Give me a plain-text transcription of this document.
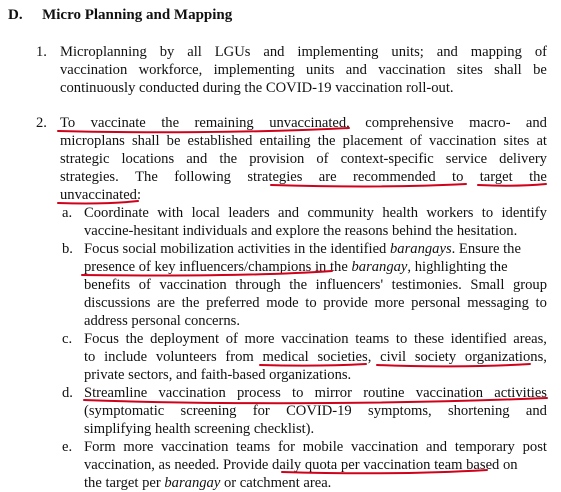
D. Micro Planning and Mapping
1. Microplanning by all LGUs and implementing units; and mapping of
vaccination workforce, implementing units and vaccination sites shall be
continuously conducted during the COVID-19 vaccination roll-out.
2. To vaccinate the remaining unvaccinated, comprehensive macro- and
microplans shall be established entailing the placement of vaccination sites at
strategic locations and the provision of context-specific service delivery
strategies. The following strategies are recommended to target the
unvaccinated:
a. Coordinate with local leaders and community health workers to identify
vaccine-hesitant individuals and explore the reasons behind the hesitation.
b. Focus social mobilization activities in the identified barangays. Ensure the
presence of key influencers/champions in the barangay, highlighting the
benefits of vaccination through the influencers' testimonies. Small group
discussions are the preferred mode to provide more personal messaging to
address personal concerns.
c. Focus the deployment of more vaccination teams to these identified areas,
to include volunteers from medical societies, civil society organizations,
private sectors, and faith-based organizations.
d. Streamline vaccination process to mirror routine vaccination activities
(symptomatic screening for COVID-19 symptoms, shortening and
simplifying health screening checklist).
e. Form more vaccination teams for mobile vaccination and temporary post
vaccination, as needed. Provide daily quota per vaccination team based on
the target per barangay or catchment area.
